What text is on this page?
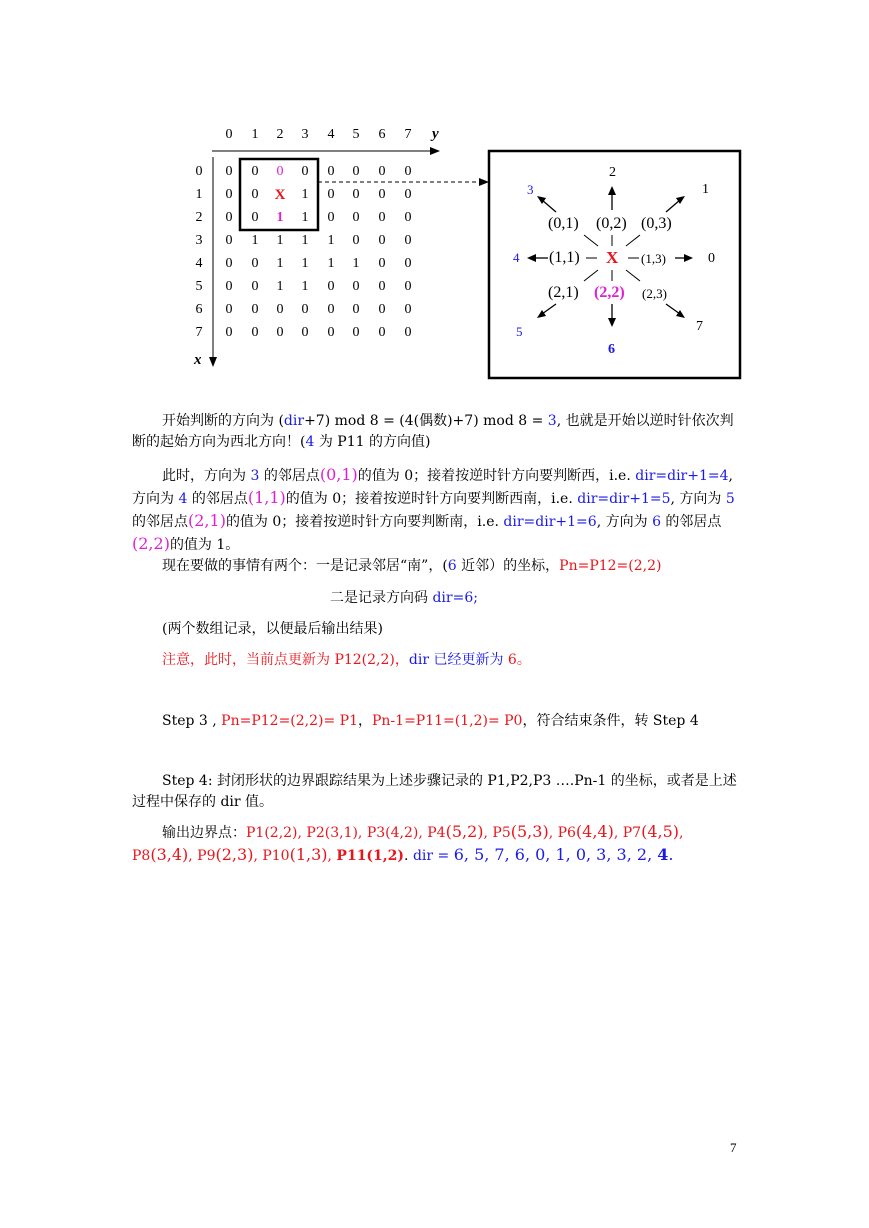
0 1 2 3 4 5 6 7
0
1
2
3
4
5
6
7
0 0 0 0 0 0 0 0
0 0 X 1 0 0 0 0
0 0 1 1 0 0 0 0
0 1 1 1 1 0 0 0
0 0 1 1 1 1 0 0
0 0 1 1 0 0 0 0
0 0 0 0 0 0 0 0
0 0 0 0 0 0 0 0
y
x
2
3	1
(0,1) (0,2) (0,3)
4 (1,1) X (1,3)	0
(2,1) (2,2) (2,3)
7
5
6
开始判断的方向为 (dir+7) mod 8 = (4(偶数)+7) mod 8 = 3, 也就是开始以逆时针依次判断的起始方向为西北方向！(4 为 P11 的方向值)
此时，方向为 3 的邻居点(0,1)的值为 0；接着按逆时针方向要判断西，i.e. dir=dir+1=4, 方向为 4 的邻居点(1,1)的值为 0；接着按逆时针方向要判断西南，i.e. dir=dir+1=5, 方向为 5 的邻居点(2,1)的值为 0；接着按逆时针方向要判断南，i.e. dir=dir+1=6, 方向为 6 的邻居点(2,2)的值为 1。
现在要做的事情有两个：一是记录邻居“南”，(6 近邻）的坐标，Pn=P12=(2,2)
二是记录方向码 dir=6;
(两个数组记录，以便最后输出结果)
注意，此时，当前点更新为 P12(2,2)，dir 已经更新为 6。
Step 3 , Pn=P12=(2,2)= P1，Pn-1=P11=(1,2)= P0，符合结束条件，转 Step 4
Step 4: 封闭形状的边界跟踪结果为上述步骤记录的 P1,P2,P3 ….Pn-1 的坐标，或者是上述过程中保存的 dir 值。
输出边界点：P1(2,2), P2(3,1), P3(4,2), P4(5,2), P5(5,3), P6(4,4), P7(4,5), P8(3,4), P9(2,3), P10(1,3), P11(1,2). dir = 6, 5, 7, 6, 0, 1, 0, 3, 3, 2, 4.
7
